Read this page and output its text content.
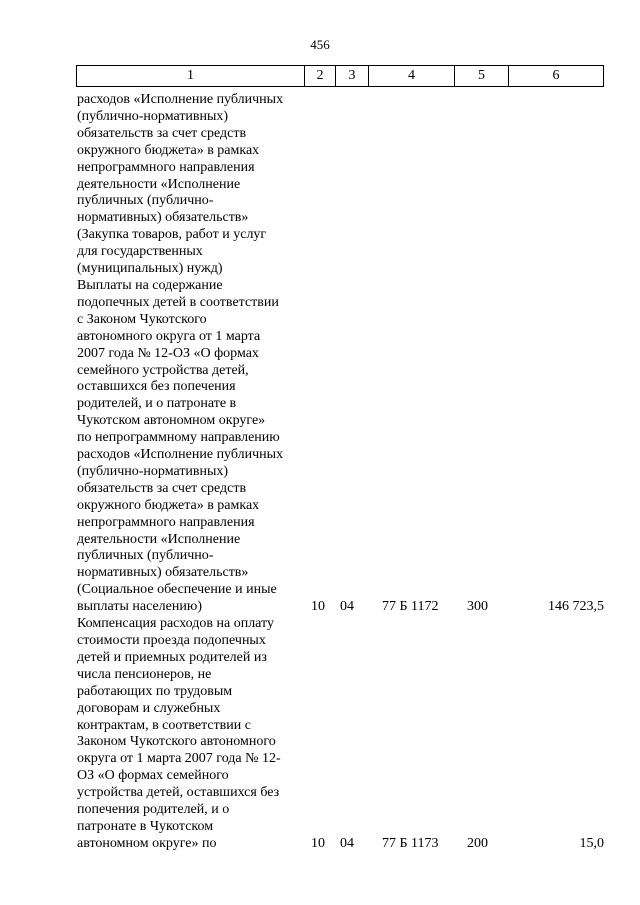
456
1	2	3	4	5	6
расходов «Исполнение публичных
(публично-нормативных)
обязательств за счет средств
окружного бюджета» в рамках
непрограммного направления
деятельности «Исполнение
публичных (публично-
нормативных) обязательств»
(Закупка товаров, работ и услуг
для государственных
(муниципальных) нужд)
Выплаты на содержание
подопечных детей в соответствии
с Законом Чукотского
автономного округа от 1 марта
2007 года № 12-ОЗ «О формах
семейного устройства детей,
оставшихся без попечения
родителей, и о патронате в
Чукотском автономном округе»
по непрограммному направлению
расходов «Исполнение публичных
(публично-нормативных)
обязательств за счет средств
окружного бюджета» в рамках
непрограммного направления
деятельности «Исполнение
публичных (публично-
нормативных) обязательств»
(Социальное обеспечение и иные
выплаты населению)	10	04	77 Б 1172	300	146 723,5
Компенсация расходов на оплату
стоимости проезда подопечных
детей и приемных родителей из
числа пенсионеров, не
работающих по трудовым
договорам и служебных
контрактам, в соответствии с
Законом Чукотского автономного
округа от 1 марта 2007 года № 12-
ОЗ «О формах семейного
устройства детей, оставшихся без
попечения родителей, и о
патронате в Чукотском
автономном округе» по	10	04	77 Б 1173	200	15,0
